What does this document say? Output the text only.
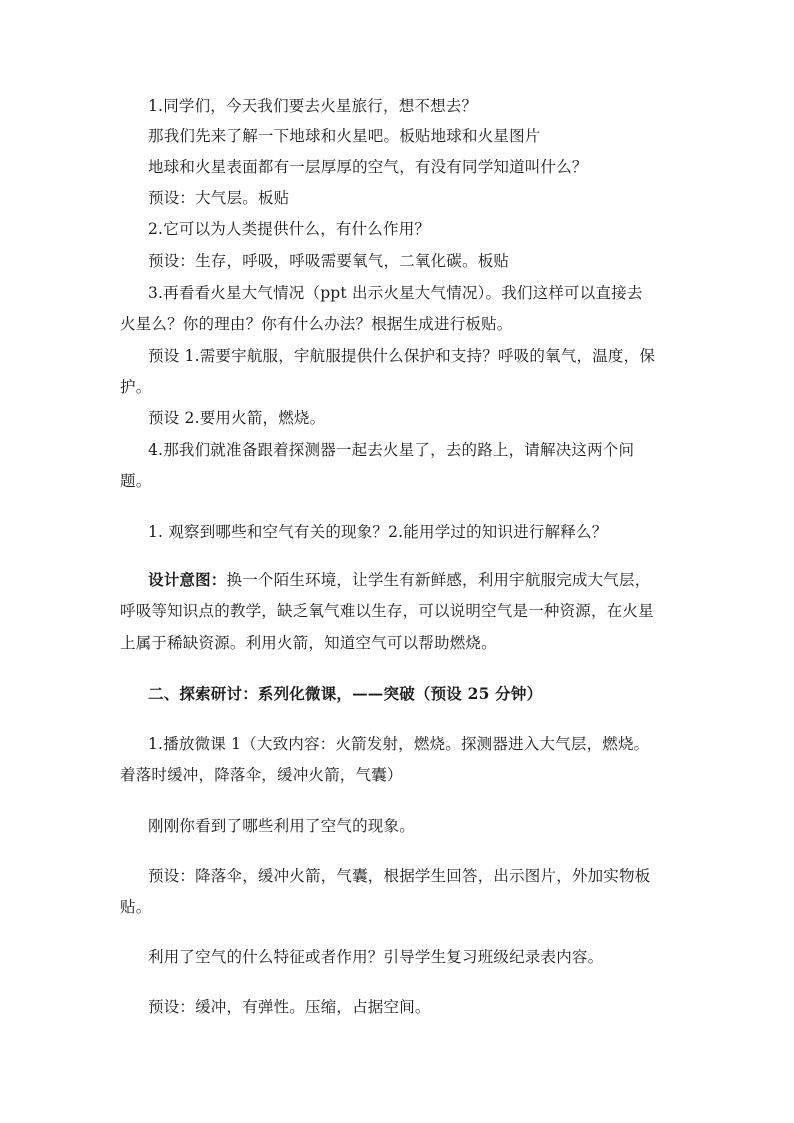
1.同学们，今天我们要去火星旅行，想不想去？
那我们先来了解一下地球和火星吧。板贴地球和火星图片
地球和火星表面都有一层厚厚的空气，有没有同学知道叫什么？
预设：大气层。板贴
2.它可以为人类提供什么，有什么作用？
预设：生存，呼吸，呼吸需要氧气，二氧化碳。板贴
3.再看看火星大气情况（ppt 出示火星大气情况）。我们这样可以直接去
火星么？你的理由？你有什么办法？根据生成进行板贴。
预设 1.需要宇航服，宇航服提供什么保护和支持？呼吸的氧气，温度，保
护。
预设 2.要用火箭，燃烧。
4.那我们就准备跟着探测器一起去火星了，去的路上，请解决这两个问
题。
1. 观察到哪些和空气有关的现象？2.能用学过的知识进行解释么？
设计意图：换一个陌生环境，让学生有新鲜感，利用宇航服完成大气层，
呼吸等知识点的教学，缺乏氧气难以生存，可以说明空气是一种资源，在火星
上属于稀缺资源。利用火箭，知道空气可以帮助燃烧。
二、探索研讨：系列化微课，——突破（预设 25 分钟）
1.播放微课 1（大致内容：火箭发射，燃烧。探测器进入大气层，燃烧。
着落时缓冲，降落伞，缓冲火箭，气囊）
刚刚你看到了哪些利用了空气的现象。
预设：降落伞，缓冲火箭，气囊，根据学生回答，出示图片，外加实物板
贴。
利用了空气的什么特征或者作用？引导学生复习班级纪录表内容。
预设：缓冲，有弹性。压缩，占据空间。
